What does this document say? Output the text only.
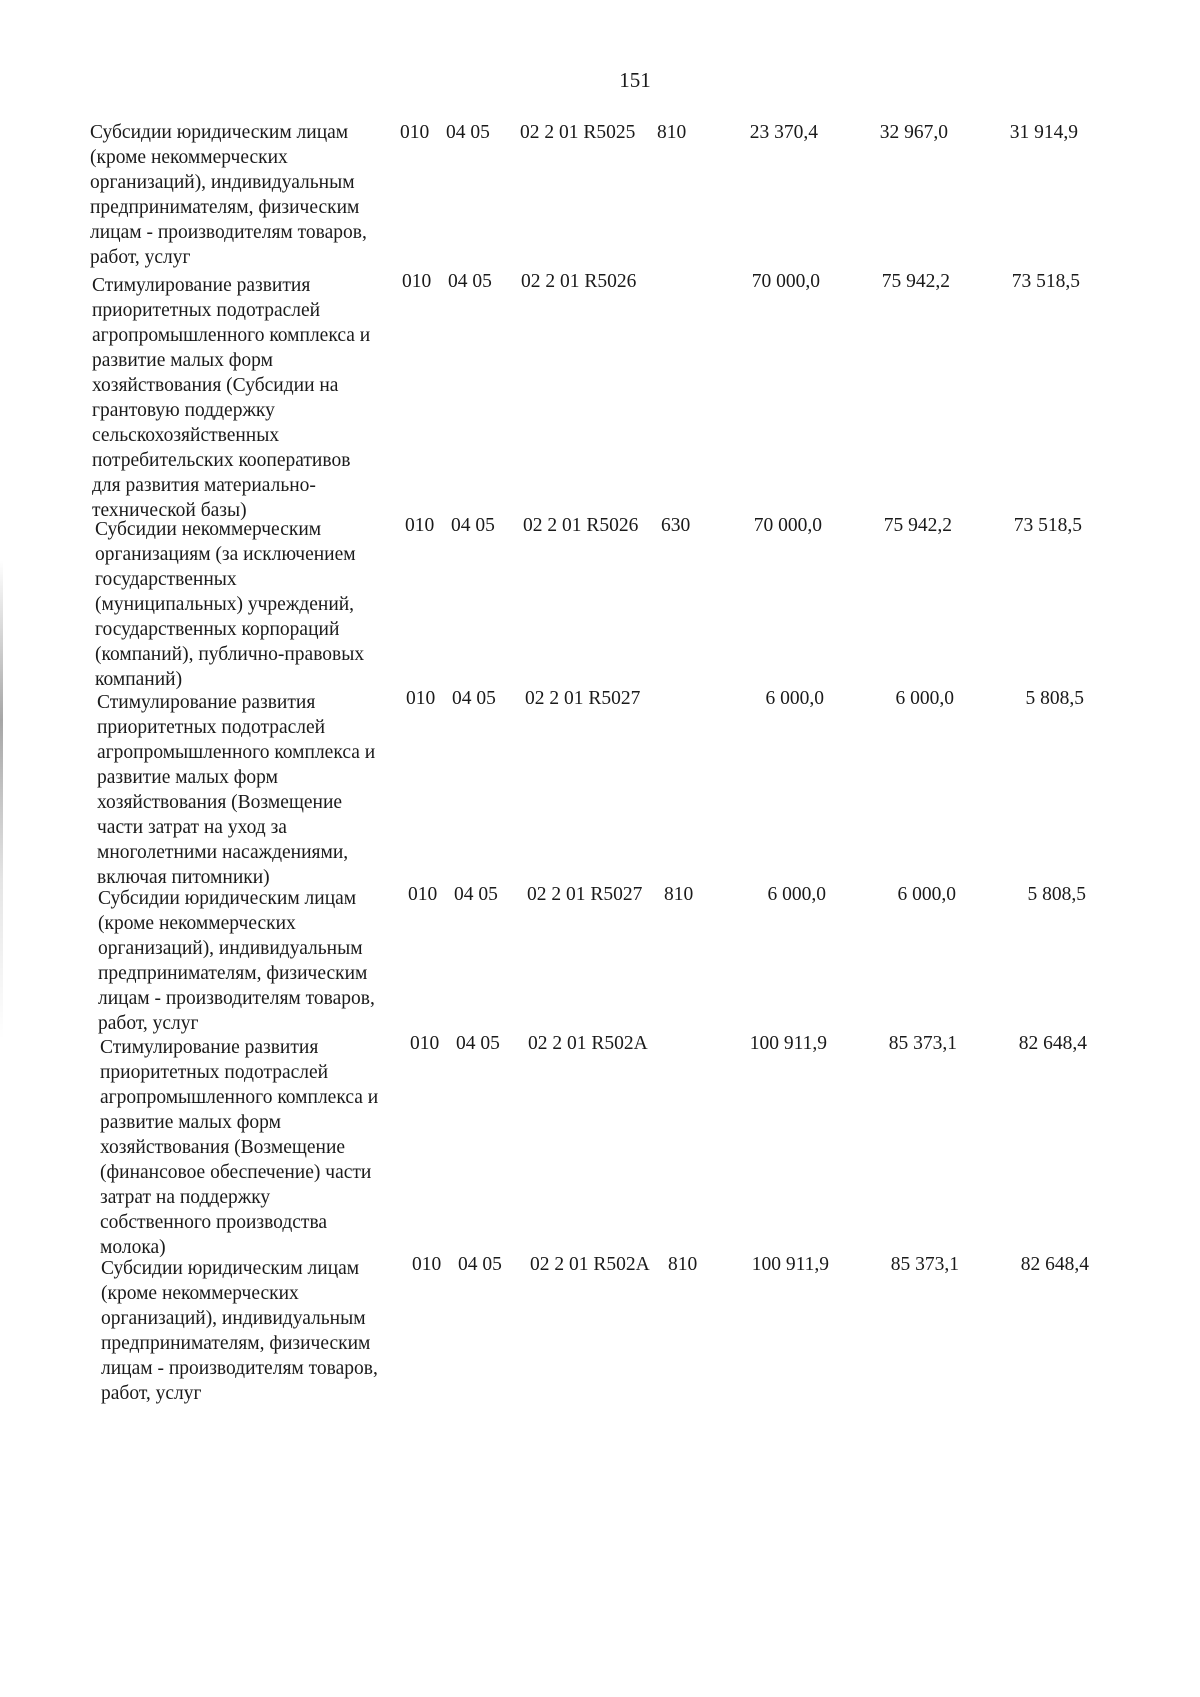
151
Субсидии юридическим лицам
(кроме некоммерческих
организаций), индивидуальным
предпринимателям, физическим
лицам - производителям товаров,
работ, услуг
010 04 05 02 2 01 R5025 810	23 370,4	32 967,0	31 914,9
Стимулирование развития
приоритетных подотраслей
агропромышленного комплекса и
развитие малых форм
хозяйствования (Субсидии на
грантовую поддержку
сельскохозяйственных
потребительских кооперативов
для развития материально-
технической базы)
010 04 05 02 2 01 R5026	70 000,0	75 942,2	73 518,5
Субсидии некоммерческим
организациям (за исключением
государственных
(муниципальных) учреждений,
государственных корпораций
(компаний), публично-правовых
компаний)
010 04 05 02 2 01 R5026 630	70 000,0	75 942,2	73 518,5
Стимулирование развития
приоритетных подотраслей
агропромышленного комплекса и
развитие малых форм
хозяйствования (Возмещение
части затрат на уход за
многолетними насаждениями,
включая питомники)
010 04 05 02 2 01 R5027	6 000,0	6 000,0	5 808,5
Субсидии юридическим лицам
(кроме некоммерческих
организаций), индивидуальным
предпринимателям, физическим
лицам - производителям товаров,
работ, услуг
010 04 05 02 2 01 R5027 810	6 000,0	6 000,0	5 808,5
Стимулирование развития
приоритетных подотраслей
агропромышленного комплекса и
развитие малых форм
хозяйствования (Возмещение
(финансовое обеспечение) части
затрат на поддержку
собственного производства
молока)
010 04 05 02 2 01 R502A	100 911,9	85 373,1	82 648,4
Субсидии юридическим лицам
(кроме некоммерческих
организаций), индивидуальным
предпринимателям, физическим
лицам - производителям товаров,
работ, услуг
010 04 05 02 2 01 R502A 810	100 911,9	85 373,1	82 648,4
